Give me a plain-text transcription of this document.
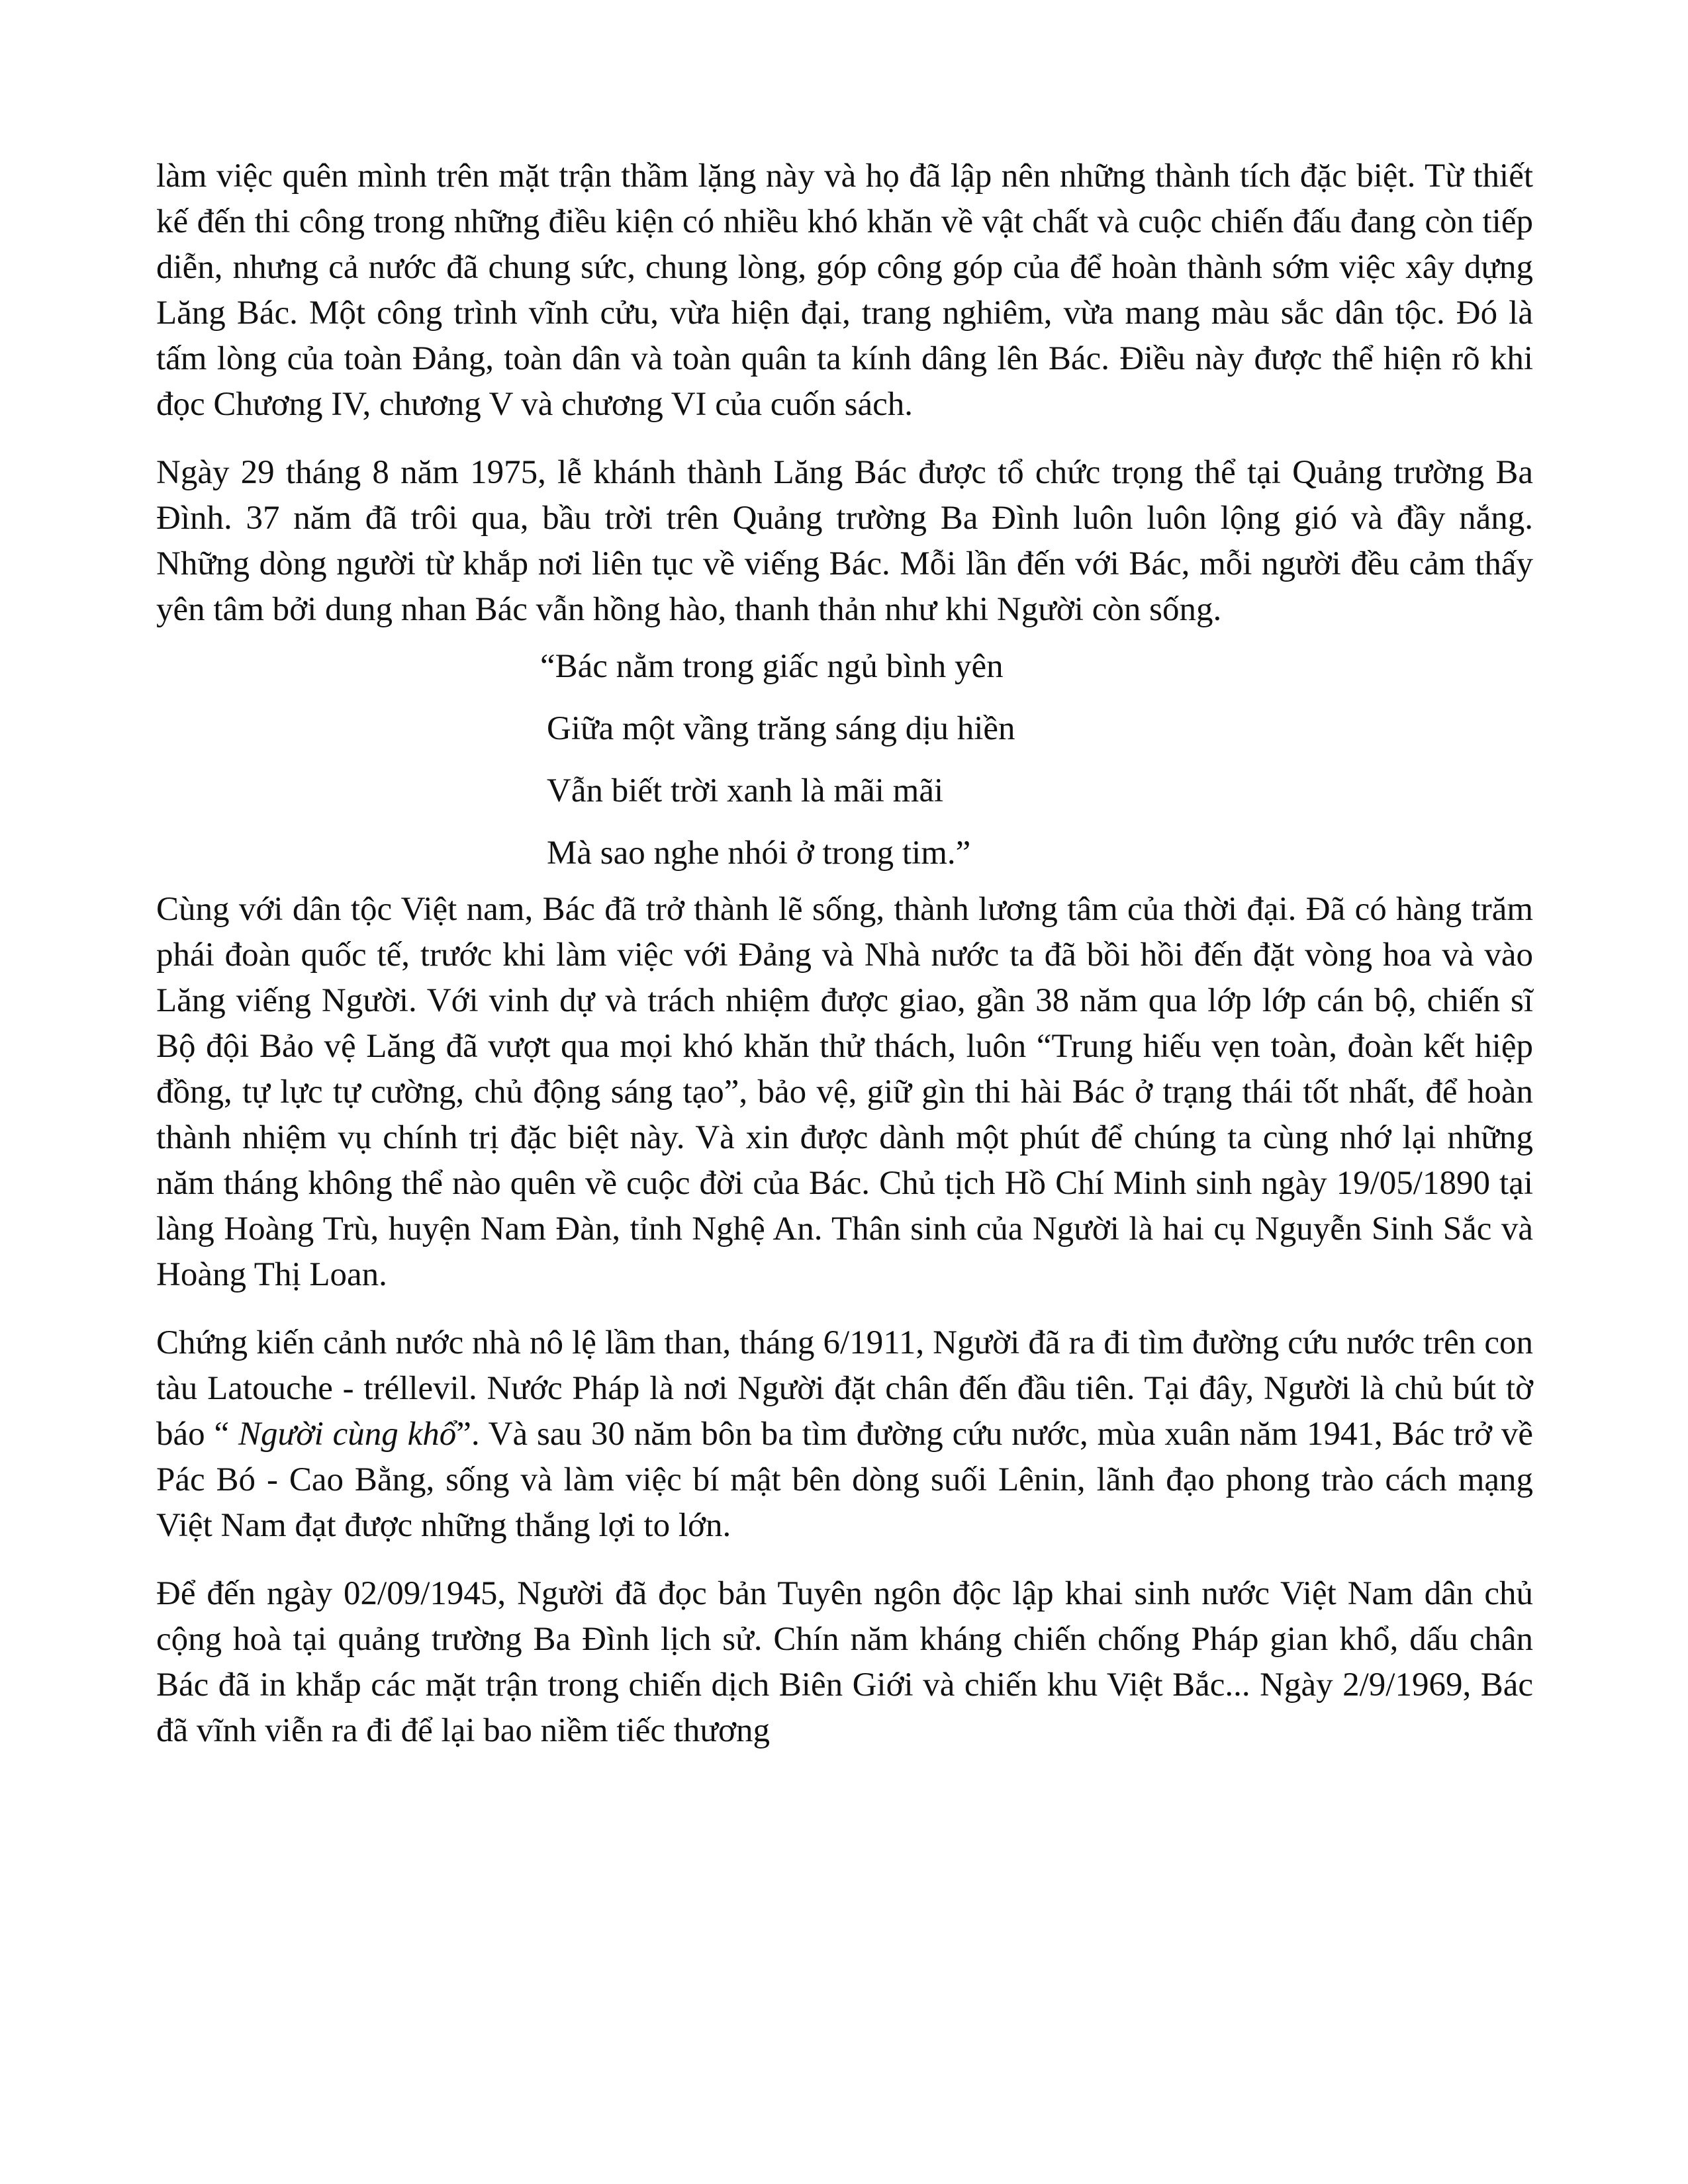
làm việc quên mình trên mặt trận thầm lặng này và họ đã lập nên những thành tích đặc biệt. Từ thiết kế đến thi công trong những điều kiện có nhiều khó khăn về vật chất và cuộc chiến đấu đang còn tiếp diễn, nhưng cả nước đã chung sức, chung lòng, góp công góp của để hoàn thành sớm việc xây dựng Lăng Bác. Một công trình vĩnh cửu, vừa hiện đại, trang nghiêm, vừa mang màu sắc dân tộc. Đó là tấm lòng của toàn Đảng, toàn dân và toàn quân ta kính dâng lên Bác. Điều này được thể hiện rõ khi đọc Chương IV, chương V và chương VI của cuốn sách.

Ngày 29 tháng 8 năm 1975, lễ khánh thành Lăng Bác được tổ chức trọng thể tại Quảng trường Ba Đình. 37 năm đã trôi qua, bầu trời trên Quảng trường Ba Đình luôn luôn lộng gió và đầy nắng. Những dòng người từ khắp nơi liên tục về viếng Bác. Mỗi lần đến với Bác, mỗi người đều cảm thấy yên tâm bởi dung nhan Bác vẫn hồng hào, thanh thản như khi Người còn sống.

“Bác nằm trong giấc ngủ bình yên

Giữa một vầng trăng sáng dịu hiền

Vẫn biết trời xanh là mãi mãi

Mà sao nghe nhói ở trong tim.”

Cùng với dân tộc Việt nam, Bác đã trở thành lẽ sống, thành lương tâm của thời đại. Đã có hàng trăm phái đoàn quốc tế, trước khi làm việc với Đảng và Nhà nước ta đã bồi hồi đến đặt vòng hoa và vào Lăng viếng Người. Với vinh dự và trách nhiệm được giao, gần 38 năm qua lớp lớp cán bộ, chiến sĩ Bộ đội Bảo vệ Lăng đã vượt qua mọi khó khăn thử thách, luôn “Trung hiếu vẹn toàn, đoàn kết hiệp đồng, tự lực tự cường, chủ động sáng tạo”, bảo vệ, giữ gìn thi hài Bác ở trạng thái tốt nhất, để hoàn thành nhiệm vụ chính trị đặc biệt này. Và xin được dành một phút để chúng ta cùng nhớ lại những năm tháng không thể nào quên về cuộc đời của Bác. Chủ tịch Hồ Chí Minh sinh ngày 19/05/1890 tại làng Hoàng Trù, huyện Nam Đàn, tỉnh Nghệ An. Thân sinh của Người là hai cụ Nguyễn Sinh Sắc và Hoàng Thị Loan.

Chứng kiến cảnh nước nhà nô lệ lầm than, tháng 6/1911, Người đã ra đi tìm đường cứu nước trên con tàu Latouche - tréllevil. Nước Pháp là nơi Người đặt chân đến đầu tiên. Tại đây, Người là chủ bút tờ báo “ Người cùng khổ”. Và sau 30 năm bôn ba tìm đường cứu nước, mùa xuân năm 1941, Bác trở về Pác Bó - Cao Bằng, sống và làm việc bí mật bên dòng suối Lênin, lãnh đạo phong trào cách mạng Việt Nam đạt được những thắng lợi to lớn.

Để đến ngày 02/09/1945, Người đã đọc bản Tuyên ngôn độc lập khai sinh nước Việt Nam dân chủ cộng hoà tại quảng trường Ba Đình lịch sử. Chín năm kháng chiến chống Pháp gian khổ, dấu chân Bác đã in khắp các mặt trận trong chiến dịch Biên Giới và chiến khu Việt Bắc... Ngày 2/9/1969, Bác đã vĩnh viễn ra đi để lại bao niềm tiếc thương
